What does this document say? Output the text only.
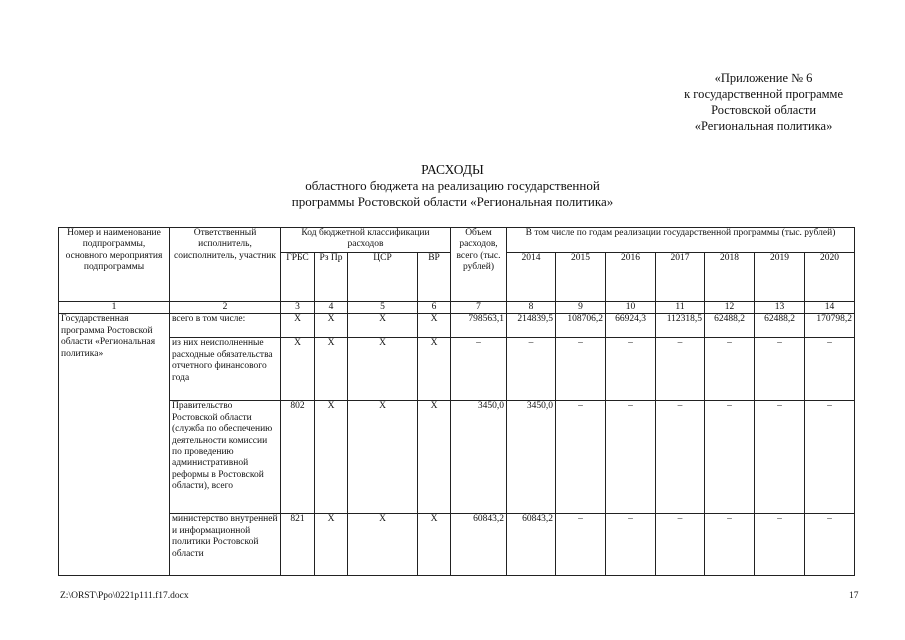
«Приложение № 6
к государственной программе
Ростовской области
«Региональная политика»
РАСХОДЫ
областного бюджета на реализацию государственной
программы Ростовской области «Региональная политика»
Номер и наименование подпрограммы, основного мероприятия подпрограммы	Ответственный исполнитель, соисполнитель, участник	Код бюджетной классификации расходов				Объем расходов, всего (тыс. рублей)	В том числе по годам реализации государственной программы (тыс. рублей)						
		ГРБС	Рз Пр	ЦСР	ВР		2014	2015	2016	2017	2018	2019	2020
1	2	3	4	5	6	7	8	9	10	11	12	13	14
Государственная программа Ростовской области «Региональная политика»	всего в том числе:	Х	Х	Х	Х	798563,1	214839,5	108706,2	66924,3	112318,5	62488,2	62488,2	170798,2
	из них неисполненные расходные обязательства отчетного финансового года	Х	Х	Х	Х	–	–	–	–	–	–	–	–
	Правительство Ростовской области (служба по обеспечению деятельности комиссии по проведению административной реформы в Ростовской области), всего	802	Х	Х	Х	3450,0	3450,0	–	–	–	–	–	–
	министерство внутренней и информационной политики Ростовской области	821	Х	Х	Х	60843,2	60843,2	–	–	–	–	–	–
Z:\ORST\Ppo\0221p111.f17.docx	17
